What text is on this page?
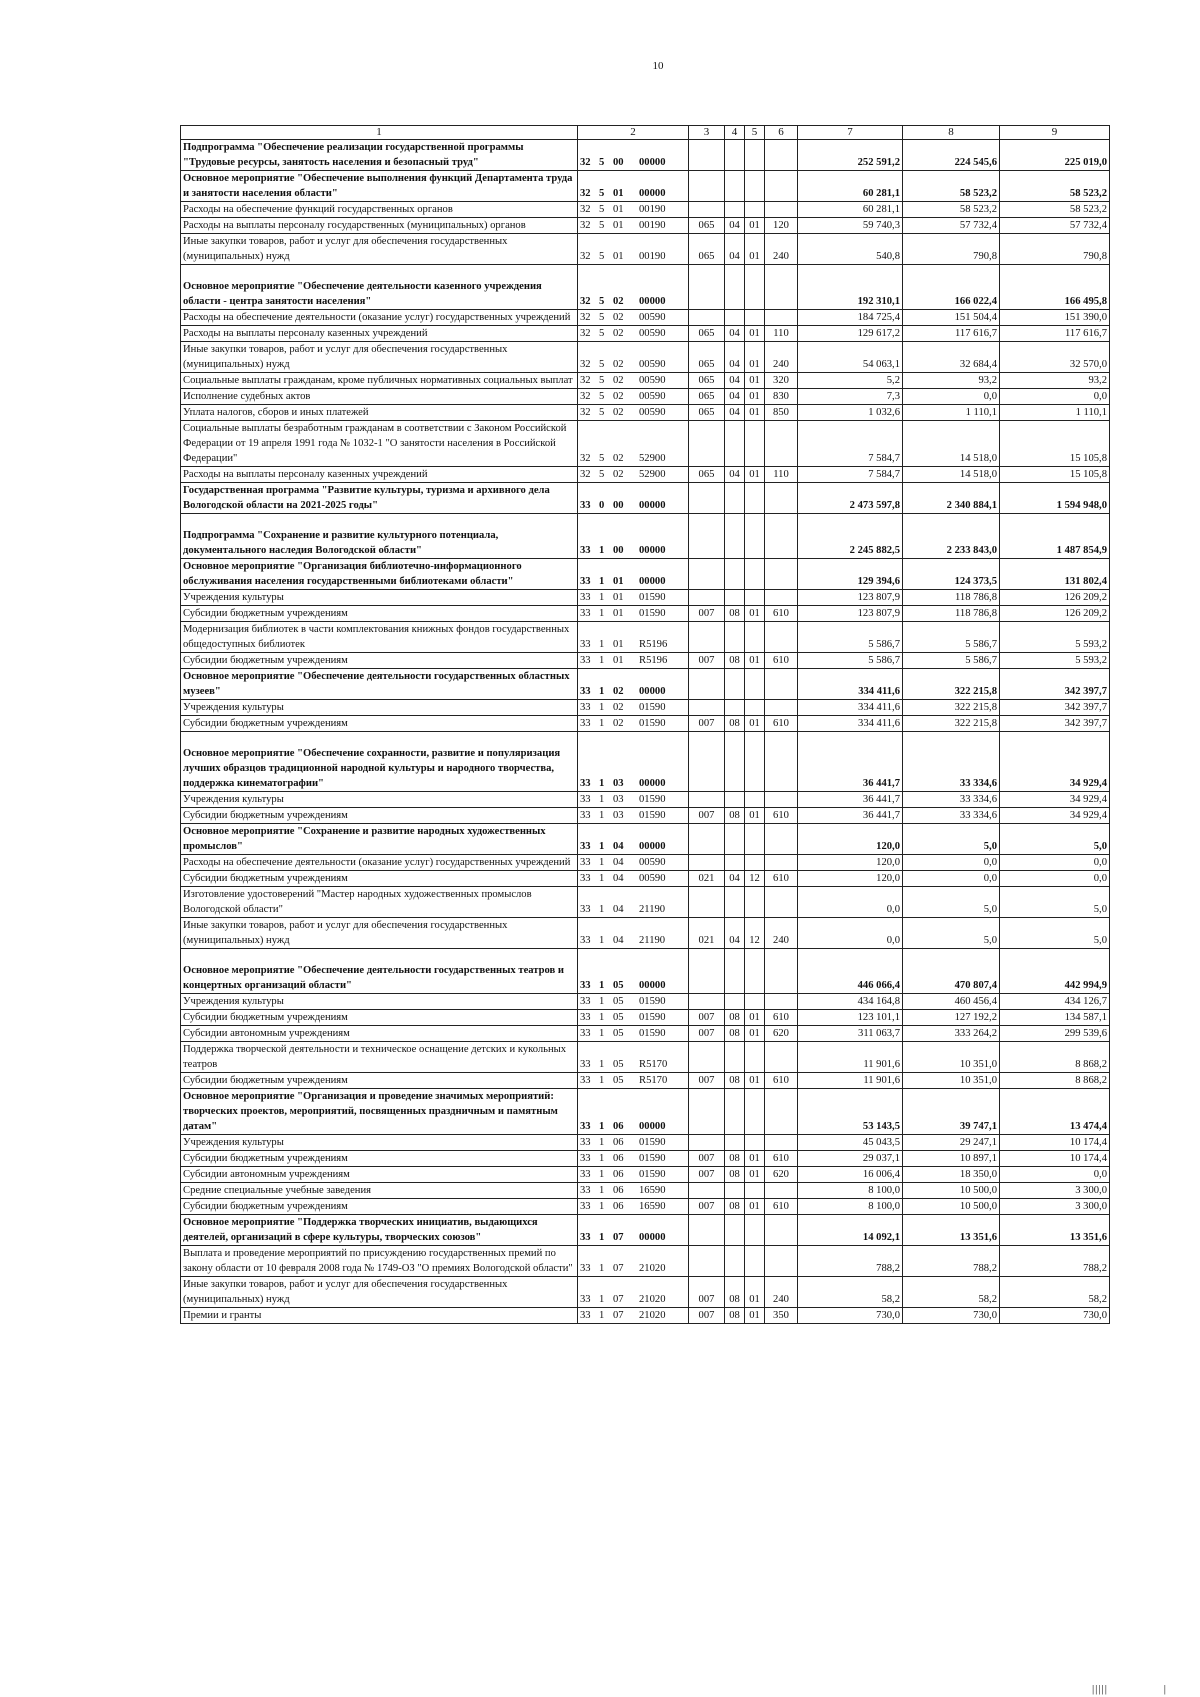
10
1	2	3	4	5	6	7	8	9
Подпрограмма "Обеспечение реализации государственной программы "Трудовые ресурсы, занятость населения и безопасный труд"	32 5 00 00000					252 591,2	224 545,6	225 019,0
Основное мероприятие "Обеспечение выполнения функций Департамента труда и занятости населения области"	32 5 01 00000					60 281,1	58 523,2	58 523,2
Расходы на обеспечение функций государственных органов	32 5 01 00190					60 281,1	58 523,2	58 523,2
Расходы на выплаты персоналу государственных (муниципальных) органов	32 5 01 00190	065	04	01	120	59 740,3	57 732,4	57 732,4
Иные закупки товаров, работ и услуг для обеспечения государственных (муниципальных) нужд	32 5 01 00190	065	04	01	240	540,8	790,8	790,8
Основное мероприятие "Обеспечение деятельности казенного учреждения области - центра занятости населения"	32 5 02 00000					192 310,1	166 022,4	166 495,8
Расходы на обеспечение деятельности (оказание услуг) государственных учреждений	32 5 02 00590					184 725,4	151 504,4	151 390,0
Расходы на выплаты персоналу казенных учреждений	32 5 02 00590	065	04	01	110	129 617,2	117 616,7	117 616,7
Иные закупки товаров, работ и услуг для обеспечения государственных (муниципальных) нужд	32 5 02 00590	065	04	01	240	54 063,1	32 684,4	32 570,0
Социальные выплаты гражданам, кроме публичных нормативных социальных выплат	32 5 02 00590	065	04	01	320	5,2	93,2	93,2
Исполнение судебных актов	32 5 02 00590	065	04	01	830	7,3	0,0	0,0
Уплата налогов, сборов и иных платежей	32 5 02 00590	065	04	01	850	1 032,6	1 110,1	1 110,1
Социальные выплаты безработным гражданам в соответствии с Законом Российской Федерации от 19 апреля 1991 года № 1032-1 "О занятости населения в Российской Федерации"	32 5 02 52900					7 584,7	14 518,0	15 105,8
Расходы на выплаты персоналу казенных учреждений	32 5 02 52900	065	04	01	110	7 584,7	14 518,0	15 105,8
Государственная программа "Развитие культуры, туризма и архивного дела Вологодской области на 2021-2025 годы"	33 0 00 00000					2 473 597,8	2 340 884,1	1 594 948,0
Подпрограмма "Сохранение и развитие культурного потенциала, документального наследия Вологодской области"	33 1 00 00000					2 245 882,5	2 233 843,0	1 487 854,9
Основное мероприятие "Организация библиотечно-информационного обслуживания населения государственными библиотеками области"	33 1 01 00000					129 394,6	124 373,5	131 802,4
Учреждения культуры	33 1 01 01590					123 807,9	118 786,8	126 209,2
Субсидии бюджетным учреждениям	33 1 01 01590	007	08	01	610	123 807,9	118 786,8	126 209,2
Модернизация библиотек в части комплектования книжных фондов государственных общедоступных библиотек	33 1 01 R5196					5 586,7	5 586,7	5 593,2
Субсидии бюджетным учреждениям	33 1 01 R5196	007	08	01	610	5 586,7	5 586,7	5 593,2
Основное мероприятие "Обеспечение деятельности государственных областных музеев"	33 1 02 00000					334 411,6	322 215,8	342 397,7
Учреждения культуры	33 1 02 01590					334 411,6	322 215,8	342 397,7
Субсидии бюджетным учреждениям	33 1 02 01590	007	08	01	610	334 411,6	322 215,8	342 397,7
Основное мероприятие "Обеспечение сохранности, развитие и популяризация лучших образцов традиционной народной культуры и народного творчества, поддержка кинематографии"	33 1 03 00000					36 441,7	33 334,6	34 929,4
Учреждения культуры	33 1 03 01590					36 441,7	33 334,6	34 929,4
Субсидии бюджетным учреждениям	33 1 03 01590	007	08	01	610	36 441,7	33 334,6	34 929,4
Основное мероприятие "Сохранение и развитие народных художественных промыслов"	33 1 04 00000					120,0	5,0	5,0
Расходы на обеспечение деятельности (оказание услуг) государственных учреждений	33 1 04 00590					120,0	0,0	0,0
Субсидии бюджетным учреждениям	33 1 04 00590	021	04	12	610	120,0	0,0	0,0
Изготовление удостоверений "Мастер народных художественных промыслов Вологодской области"	33 1 04 21190					0,0	5,0	5,0
Иные закупки товаров, работ и услуг для обеспечения государственных (муниципальных) нужд	33 1 04 21190	021	04	12	240	0,0	5,0	5,0
Основное мероприятие "Обеспечение деятельности государственных театров и концертных организаций области"	33 1 05 00000					446 066,4	470 807,4	442 994,9
Учреждения культуры	33 1 05 01590					434 164,8	460 456,4	434 126,7
Субсидии бюджетным учреждениям	33 1 05 01590	007	08	01	610	123 101,1	127 192,2	134 587,1
Субсидии автономным учреждениям	33 1 05 01590	007	08	01	620	311 063,7	333 264,2	299 539,6
Поддержка творческой деятельности и техническое оснащение детских и кукольных театров	33 1 05 R5170					11 901,6	10 351,0	8 868,2
Субсидии бюджетным учреждениям	33 1 05 R5170	007	08	01	610	11 901,6	10 351,0	8 868,2
Основное мероприятие "Организация и проведение значимых мероприятий: творческих проектов, мероприятий, посвященных праздничным и памятным датам"	33 1 06 00000					53 143,5	39 747,1	13 474,4
Учреждения культуры	33 1 06 01590					45 043,5	29 247,1	10 174,4
Субсидии бюджетным учреждениям	33 1 06 01590	007	08	01	610	29 037,1	10 897,1	10 174,4
Субсидии автономным учреждениям	33 1 06 01590	007	08	01	620	16 006,4	18 350,0	0,0
Средние специальные учебные заведения	33 1 06 16590					8 100,0	10 500,0	3 300,0
Субсидии бюджетным учреждениям	33 1 06 16590	007	08	01	610	8 100,0	10 500,0	3 300,0
Основное мероприятие "Поддержка творческих инициатив, выдающихся деятелей, организаций в сфере культуры, творческих союзов"	33 1 07 00000					14 092,1	13 351,6	13 351,6
Выплата и проведение мероприятий по присуждению государственных премий по закону области от 10 февраля 2008 года № 1749-ОЗ "О премиях Вологодской области"	33 1 07 21020					788,2	788,2	788,2
Иные закупки товаров, работ и услуг для обеспечения государственных (муниципальных) нужд	33 1 07 21020	007	08	01	240	58,2	58,2	58,2
Премии и гранты	33 1 07 21020	007	08	01	350	730,0	730,0	730,0
|||||	|
